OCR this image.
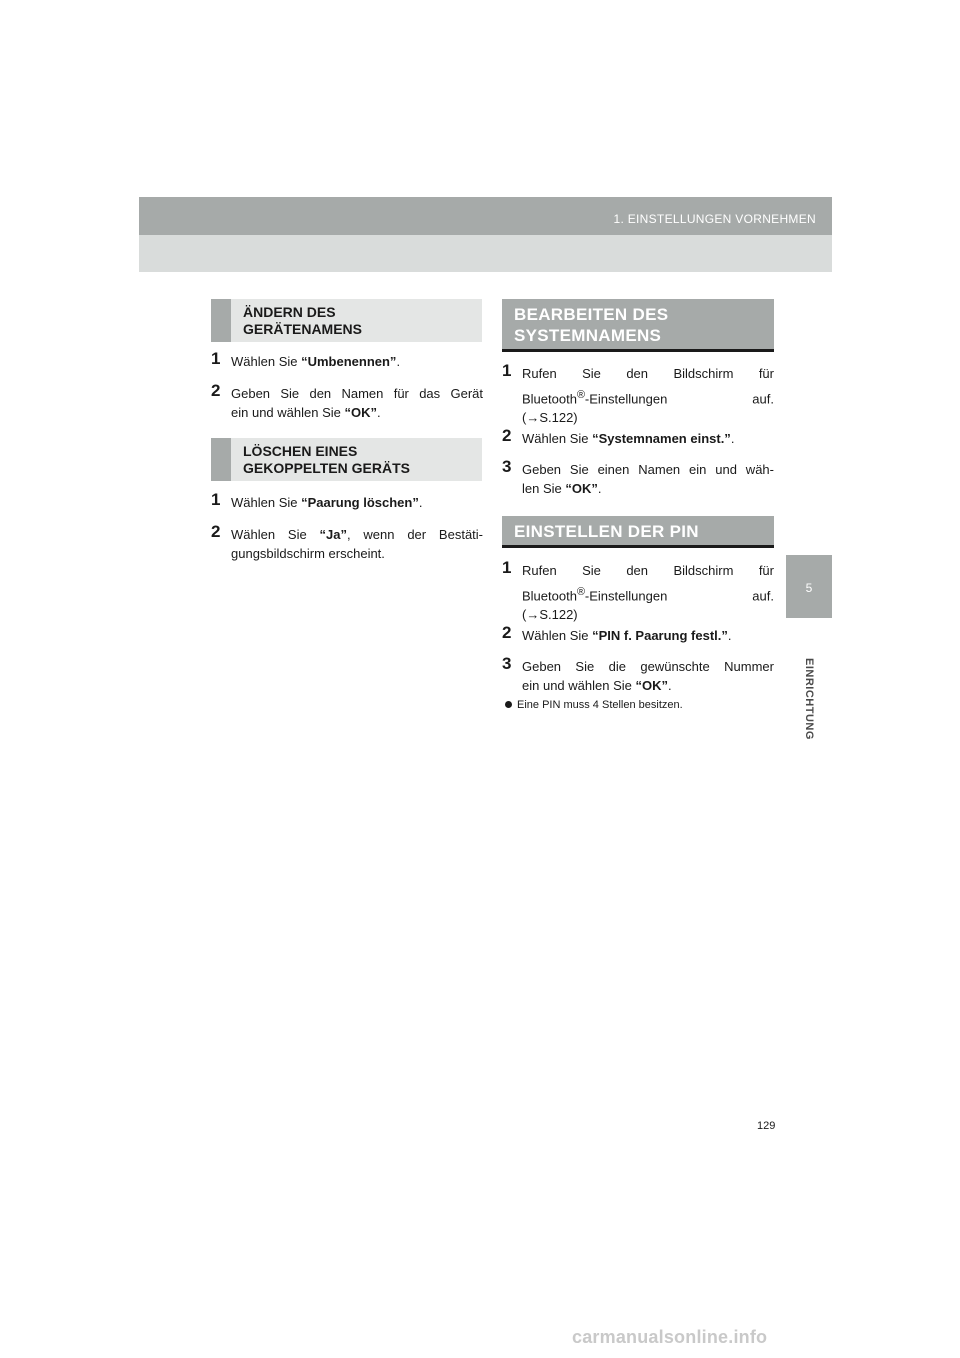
1. EINSTELLUNGEN VORNEHMEN
5
EINRICHTUNG
ÄNDERN DES
GERÄTENAMENS
1 Wählen Sie “Umbenennen”.
2 Geben Sie den Namen für das Gerät
ein und wählen Sie “OK”.
LÖSCHEN EINES
GEKOPPELTEN GERÄTS
1 Wählen Sie “Paarung löschen”.
2 Wählen Sie “Ja”, wenn der Bestäti-
gungsbildschirm erscheint.
BEARBEITEN DES
SYSTEMNAMENS
1 Rufen Sie den Bildschirm für
Bluetooth®-Einstellungen auf.
(→S.122)
2 Wählen Sie “Systemnamen einst.”.
3 Geben Sie einen Namen ein und wäh-
len Sie “OK”.
EINSTELLEN DER PIN
1 Rufen Sie den Bildschirm für
Bluetooth®-Einstellungen auf.
(→S.122)
2 Wählen Sie “PIN f. Paarung festl.”.
3 Geben Sie die gewünschte Nummer
ein und wählen Sie “OK”.
Eine PIN muss 4 Stellen besitzen.
129
carmanualsonline.info
